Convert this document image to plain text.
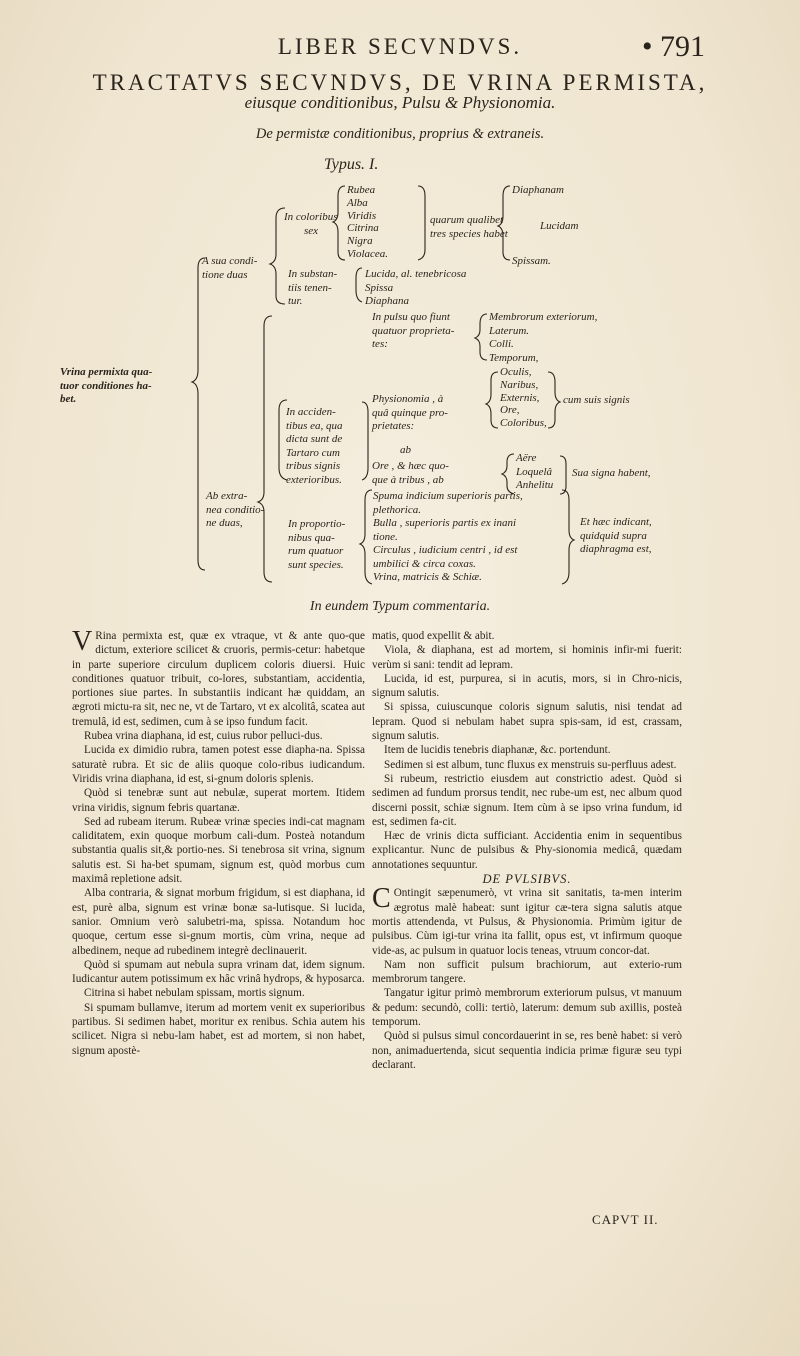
LIBER SECVNDVS.	• 791
TRACTATVS SECVNDVS, DE VRINA PERMISTA,
eiusque conditionibus, Pulsu & Physionomia.
De permistæ conditionibus, proprius & extraneis.
Typus. I.
Vrina permixta qua-
tuor conditiones ha-
bet.
A sua condi-
tione duas
In coloribus
sex
Rubea
Alba
Viridis
Citrina
Nigra
Violacea.
quarum qualibet
tres species habet
Diaphanam
Lucidam
Spissam.
In substan-
tiis tenen-
tur.
Lucida, al. tenebricosa
Spissa
Diaphana
Ab extra-
nea conditio-
ne duas,
In pulsu quo fiunt
quatuor proprieta-
tes:
Membrorum exteriorum,
Laterum.
Colli.
Temporum,
In acciden-
tibus ea, qua
dicta sunt de
Tartaro cum
tribus signis
exterioribus.
Physionomia , à
quâ quinque pro-
prietates:
Oculis,
Naribus,
Externis,
Ore,
Coloribus,
cum suis signis
ab
Ore , & hæc quo-
que à tribus , ab
Aëre
Loquelâ
Anhelitu
Sua signa habent,
In proportio-
nibus qua-
rum quatuor
sunt species.
Spuma indicium superioris partis,
plethorica.
Bulla , superioris partis ex inani
tione.
Circulus , iudicium centri , id est
umbilici & circa coxas.
Vrina, matricis & Schiæ.
Et hæc indicant,
quidquid supra
diaphragma est,
In eundem Typum commentaria.

V Rina permixta est, quæ ex vtraque, vt & ante quo-que dictum, exteriore scilicet & cruoris, permis-cetur: habetque in parte superiore circulum duplicem coloris diuersi. Huic conditiones quatuor tribuit, co-lores, substantiam, accidentia, portiones siue partes. In substantiis indicant hæ quiddam, an ægroti mictu-ra sit, nec ne, vt de Tartaro, vt ex alcolitâ, scatea aut tremulâ, id est, sedimen, cum à se ipso fundum facit.

Rubea vrina diaphana, id est, cuius rubor pelluci-dus.

Lucida ex dimidio rubra, tamen potest esse diapha-na. Spissa saturatè rubra. Et sic de aliis quoque colo-ribus iudicandum. Viridis vrina diaphana, id est, si-gnum doloris splenis.

Quòd si tenebræ sunt aut nebulæ, superat mortem. Itidem vrina viridis, signum febris quartanæ.

Sed ad rubeam iterum. Rubeæ vrinæ species indi-cat magnam caliditatem, exin quoque morbum cali-dum. Posteà notandum substantia qualis sit,& portio-nes. Si tenebrosa sit vrina, signum salutis est. Si ha-bet spumam, signum est, quòd morbus cum maximâ repletione adsit.

Alba contraria, & signat morbum frigidum, si est diaphana, id est, purè alba, signum est vrinæ bonæ sa-lutisque. Si lucida, sanior. Omnium verò salubetri-ma, spissa. Notandum hoc quoque, certum esse si-gnum mortis, cùm vrina, neque ad albedinem, neque ad rubedinem integrè declinauerit.

Quòd si spumam aut nebula supra vrinam dat, idem signum. Iudicantur autem potissimum ex hâc vrinâ hydrops, & hyposarca.

Citrina si habet nebulam spissam, mortis signum.

Si spumam bullamve, iterum ad mortem venit ex superioribus partibus. Si sedimen habet, moritur ex renibus. Schia autem his scilicet. Nigra si nebu-lam habet, est ad mortem, si non habet, signum apostè-

matis, quod expellit & abit.

Viola, & diaphana, est ad mortem, si hominis infir-mi fuerit: verùm si sani: tendit ad lepram.

Lucida, id est, purpurea, si in acutis, mors, si in Chro-nicis, signum salutis.

Si spissa, cuiuscunque coloris signum salutis, nisi tendat ad lepram. Quod si nebulam habet supra spis-sam, id est, crassam, signum salutis.

Item de lucidis tenebris diaphanæ, &c. portendunt.

Sedimen si est album, tunc fluxus ex menstruis su-perfluus adest.

Si rubeum, restrictio eiusdem aut constrictio adest. Quòd si sedimen ad fundum prorsus tendit, nec rube-um est, nec album quod discerni possit, schiæ signum. Item cùm à se ipso vrina fundum, id est, sedimen fa-cit.

Hæc de vrinis dicta sufficiant. Accidentia enim in sequentibus explicantur. Nunc de pulsibus & Phy-sionomia medicâ, quædam annotationes sequuntur.

DE PVLSIBVS.

C Ontingit sæpenumerò, vt vrina sit sanitatis, ta-men interim ægrotus malè habeat: sunt igitur cæ-tera signa salutis atque mortis attendenda, vt Pulsus, & Physionomia. Primùm igitur de pulsibus. Cùm igi-tur vrina ita fallit, opus est, vt infirmum quoque vide-as, ac pulsum in quatuor locis teneas, vtruum concor-dat.

Nam non sufficit pulsum brachiorum, aut exterio-rum membrorum tangere.

Tangatur igitur primò membrorum exteriorum pulsus, vt manuum & pedum: secundò, colli: tertiò, laterum: demum sub axillis, posteà temporum.

Quòd si pulsus simul concordauerint in se, res benè habet: si verò non, animaduertenda, sicut sequentia indicia primæ figuræ seu typi declarant.

CAPVT II.
